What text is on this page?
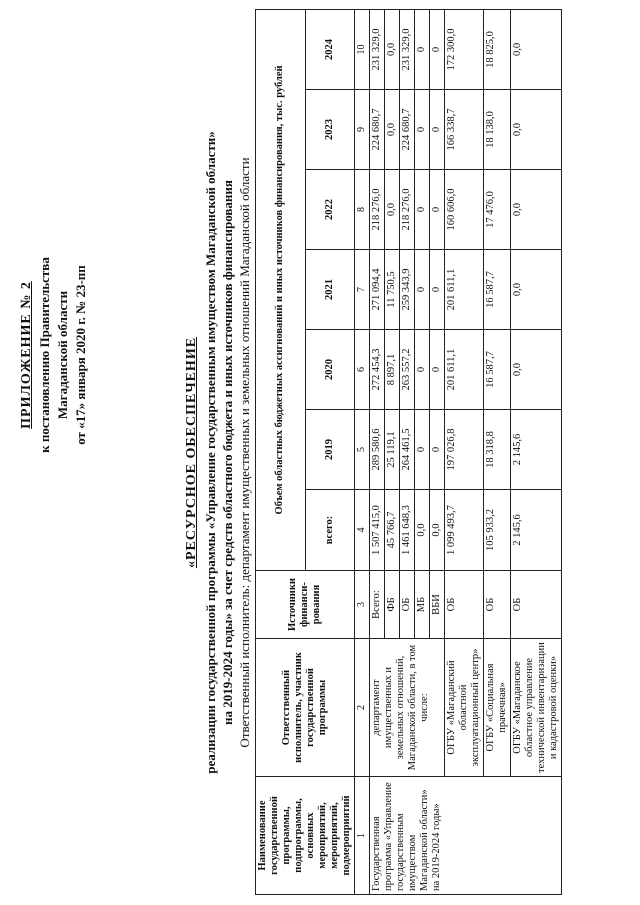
ПРИЛОЖЕНИЕ № 2 к постановлению Правительства Магаданской области от «17» января 2020 г. № 23-пп	«РЕСУРСНОЕ ОБЕСПЕЧЕНИЕ реализации государственной программы «Управление государственным имуществом Магаданской области» на 2019-2024 годы» за счет средств областного бюджета и иных источников финансирования Ответственный исполнитель: департамент имущественных и земельных отношений Магаданской области
Наименование государственной программы, подпрограммы, основных мероприятий, мероприятий, подмероприятий	Ответственный исполнитель, участник государственной программы	Источники финанси-рования	Объем областных бюджетных ассигнований и иных источников финансирования, тыс. рублей						
			всего:	2019	2020	2021	2022	2023	2024
1	2	3	4	5	6	7	8	9	10
Государственная программа «Управление государственным имуществом Магаданской области» на 2019-2024 годы»	департамент имущественных и земельных отношений, Магаданской области, в том числе:	Всего:	1 507 415,0	289 580,6	272 454,3	271 094,4	218 276,0	224 680,7	231 329,0
		ФБ	45 766,7	25 119,1	8 897,1	11 750,5	0,0	0,0	0,0
		ОБ	1 461 648,3	264 461,5	263 557,2	259 343,9	218 276,0	224 680,7	231 329,0
		МБ	0,0	0	0	0	0	0	0
		ВБИ	0,0	0	0	0	0	0	0
	ОГБУ «Магаданский областной эксплуатационный центр»	ОБ	1 099 493,7	197 026,8	201 611,1	201 611,1	160 606,0	166 338,7	172 300,0
	ОГБУ «Социальная прачечная»	ОБ	105 933,2	18 318,8	16 587,7	16 587,7	17 476,0	18 138,0	18 825,0
	ОГБУ «Магаданское областное управление технической инвентаризации и кадастровой оценки»	ОБ	2 145,6	2 145,6	0,0	0,0	0,0	0,0	0,0
